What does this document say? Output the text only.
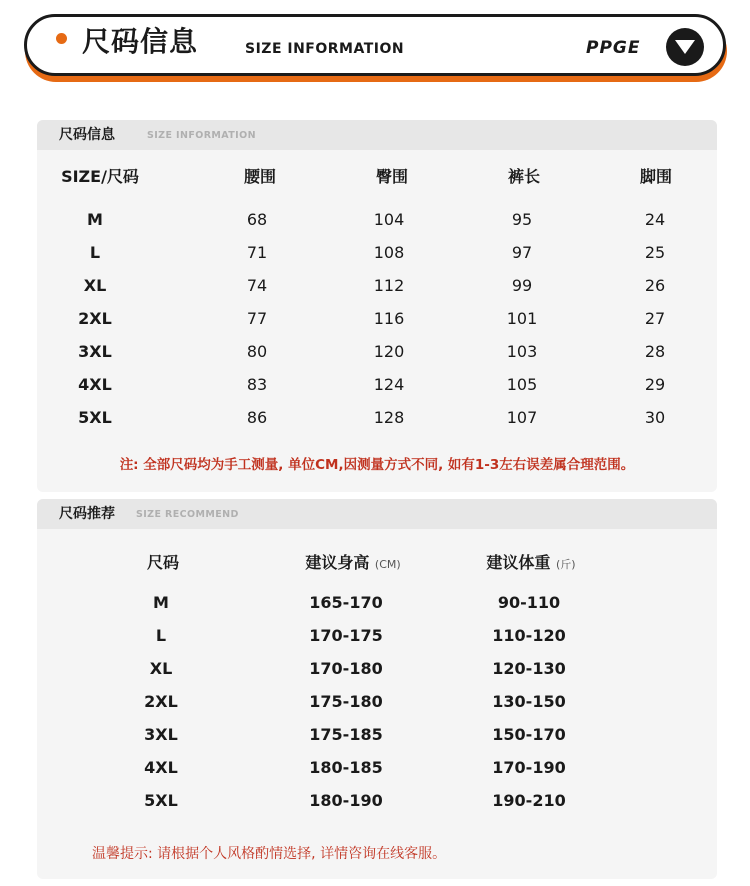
尺码信息	SIZE INFORMATION	PPGE
尺码信息	SIZE INFORMATION
SIZE/尺码	腰围	臀围	裤长	脚围
M	68	104	95	24
L	71	108	97	25
XL	74	112	99	26
2XL	77	116	101	27
3XL	80	120	103	28
4XL	83	124	105	29
5XL	86	128	107	30
注: 全部尺码均为手工测量, 单位CM,因测量方式不同, 如有1-3左右误差属合理范围。
尺码推荐 SIZE RECOMMEND
尺码	建议身高 (CM)	建议体重 (斤)
M	165-170	90-110
L	170-175	110-120
XL	170-180	120-130
2XL	175-180	130-150
3XL	175-185	150-170
4XL	180-185	170-190
5XL	180-190	190-210
温馨提示: 请根据个人风格酌情选择, 详情咨询在线客服。
